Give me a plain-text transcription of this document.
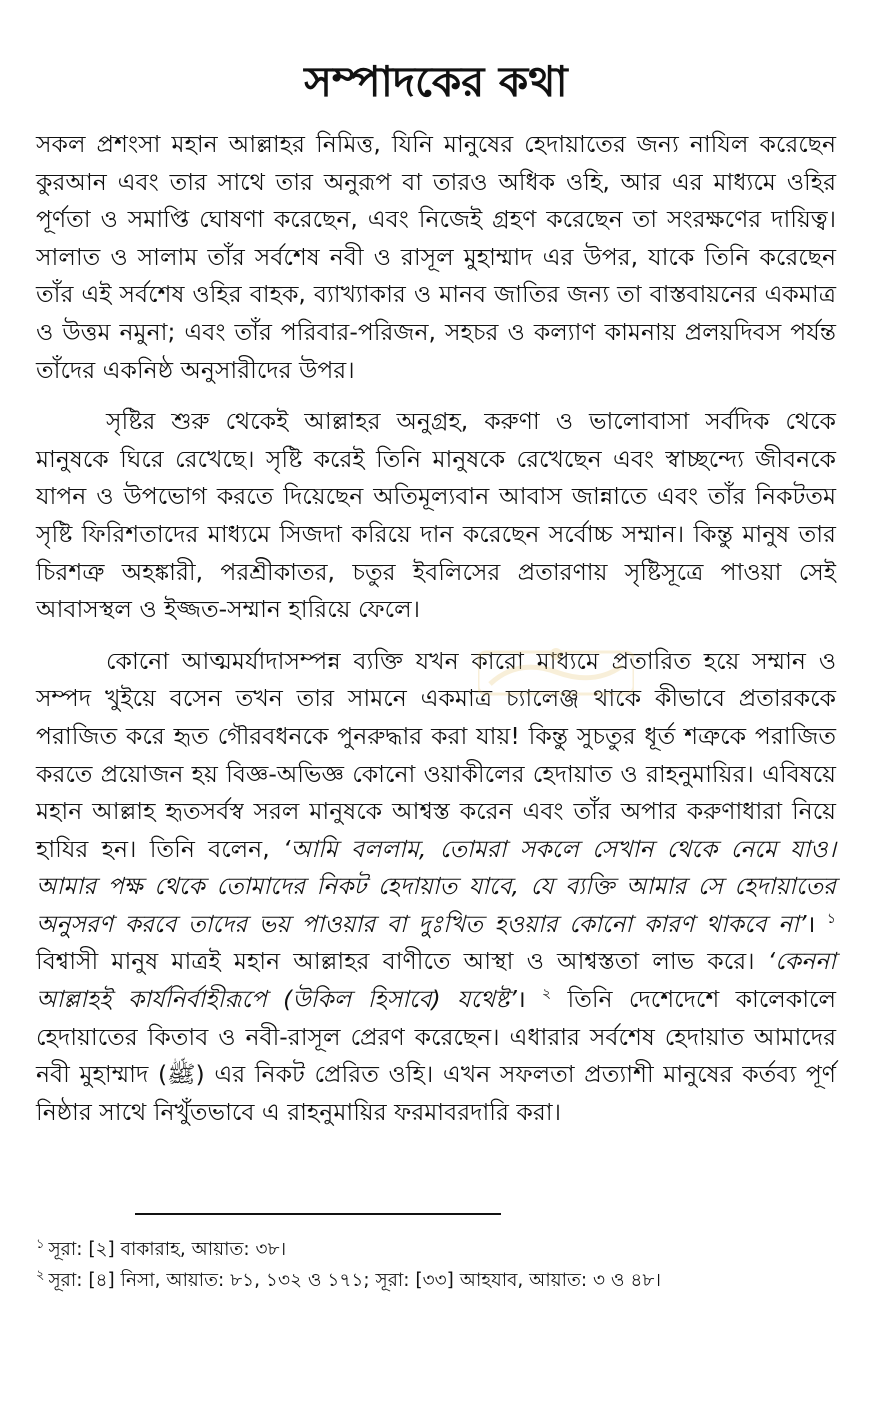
সম্পাদকের কথা

সকল প্রশংসা মহান আল্লাহর নিমিত্ত, যিনি মানুষের হেদায়াতের জন্য নাযিল করেছেন কুরআন এবং তার সাথে তার অনুরূপ বা তারও অধিক ওহি, আর এর মাধ্যমে ওহির পূর্ণতা ও সমাপ্তি ঘোষণা করেছেন, এবং নিজেই গ্রহণ করেছেন তা সংরক্ষণের দায়িত্ব। সালাত ও সালাম তাঁর সর্বশেষ নবী ও রাসূল মুহাম্মাদ এর উপর, যাকে তিনি করেছেন তাঁর এই সর্বশেষ ওহির বাহক, ব্যাখ্যাকার ও মানব জাতির জন্য তা বাস্তবায়নের একমাত্র ও উত্তম নমুনা; এবং তাঁর পরিবার-পরিজন, সহচর ও কল্যাণ কামনায় প্রলয়দিবস পর্যন্ত তাঁদের একনিষ্ঠ অনুসারীদের উপর।

সৃষ্টির শুরু থেকেই আল্লাহর অনুগ্রহ, করুণা ও ভালোবাসা সর্বদিক থেকে মানুষকে ঘিরে রেখেছে। সৃষ্টি করেই তিনি মানুষকে রেখেছেন এবং স্বাচ্ছন্দ্যে জীবনকে যাপন ও উপভোগ করতে দিয়েছেন অতিমূল্যবান আবাস জান্নাতে এবং তাঁর নিকটতম সৃষ্টি ফিরিশতাদের মাধ্যমে সিজদা করিয়ে দান করেছেন সর্বোচ্চ সম্মান। কিন্তু মানুষ তার চিরশত্রু অহঙ্কারী, পরশ্রীকাতর, চতুর ইবলিসের প্রতারণায় সৃষ্টিসূত্রে পাওয়া সেই আবাসস্থল ও ইজ্জত-সম্মান হারিয়ে ফেলে।

কোনো আত্মমর্যাদাসম্পন্ন ব্যক্তি যখন কারো মাধ্যমে প্রতারিত হয়ে সম্মান ও সম্পদ খুইয়ে বসেন তখন তার সামনে একমাত্র চ্যালেঞ্জ থাকে কীভাবে প্রতারককে পরাজিত করে হৃত গৌরবধনকে পুনরুদ্ধার করা যায়! কিন্তু সুচতুর ধূর্ত শত্রুকে পরাজিত করতে প্রয়োজন হয় বিজ্ঞ-অভিজ্ঞ কোনো ওয়াকীলের হেদায়াত ও রাহনুমায়ির। এবিষয়ে মহান আল্লাহ হৃতসর্বস্ব সরল মানুষকে আশ্বস্ত করেন এবং তাঁর অপার করুণাধারা নিয়ে হাযির হন। তিনি বলেন, ‘আমি বললাম, তোমরা সকলে সেখান থেকে নেমে যাও। আমার পক্ষ থেকে তোমাদের নিকট হেদায়াত যাবে, যে ব্যক্তি আমার সে হেদায়াতের অনুসরণ করবে তাদের ভয় পাওয়ার বা দুঃখিত হওয়ার কোনো কারণ থাকবে না’। $^১$ বিশ্বাসী মানুষ মাত্রই মহান আল্লাহর বাণীতে আস্থা ও আশ্বস্ততা লাভ করে। ‘কেননা আল্লাহই কার্যনির্বাহীরূপে (উকিল হিসাবে) যথেষ্ট’। $^২$ তিনি দেশেদেশে কালেকালে হেদায়াতের কিতাব ও নবী-রাসূল প্রেরণ করেছেন। এধারার সর্বশেষ হেদায়াত আমাদের নবী মুহাম্মাদ (ﷺ) এর নিকট প্রেরিত ওহি। এখন সফলতা প্রত্যাশী মানুষের কর্তব্য পূর্ণ নিষ্ঠার সাথে নিখুঁতভাবে এ রাহনুমায়ির ফরমাবরদারি করা।

$^১$ সূরা: [২] বাকারাহ, আয়াত: ৩৮।
$^২$ সূরা: [৪] নিসা, আয়াত: ৮১, ১৩২ ও ১৭১; সূরা: [৩৩] আহযাব, আয়াত: ৩ ও ৪৮।
